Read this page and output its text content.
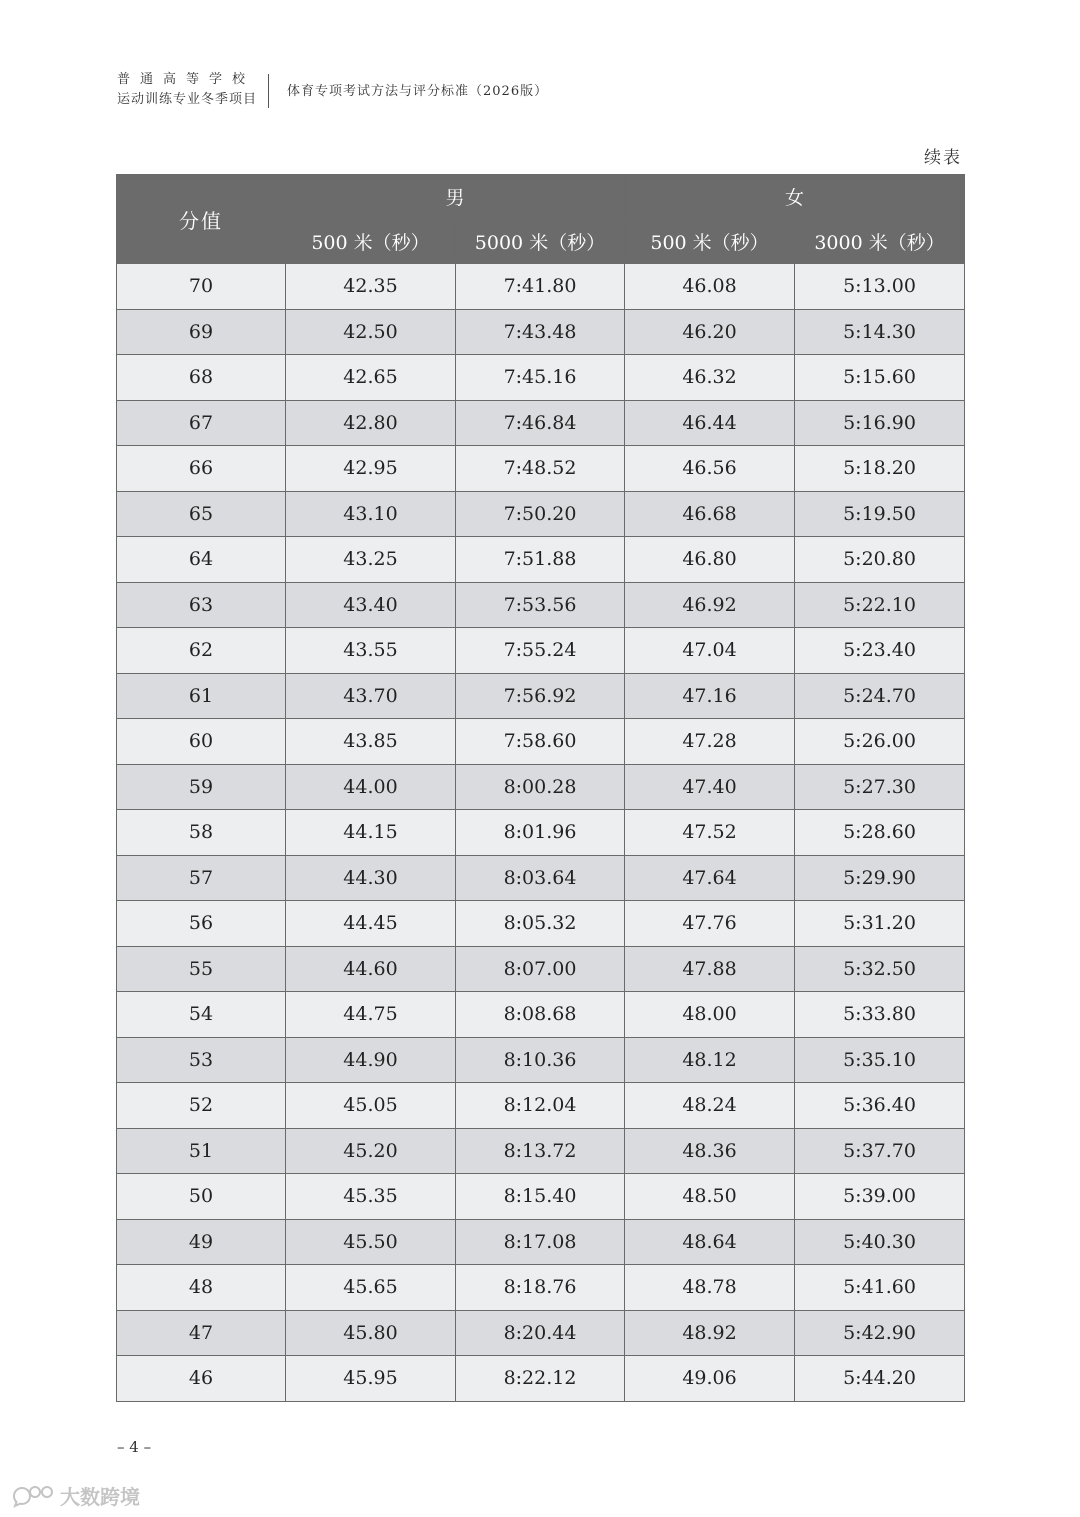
普通高等学校
运动训练专业冬季项目
体育专项考试方法与评分标准（2026版）
续表
分值	男		女	
	500 米（秒）	5000 米（秒）	500 米（秒）	3000 米（秒）
70	42.35	7:41.80	46.08	5:13.00
69	42.50	7:43.48	46.20	5:14.30
68	42.65	7:45.16	46.32	5:15.60
67	42.80	7:46.84	46.44	5:16.90
66	42.95	7:48.52	46.56	5:18.20
65	43.10	7:50.20	46.68	5:19.50
64	43.25	7:51.88	46.80	5:20.80
63	43.40	7:53.56	46.92	5:22.10
62	43.55	7:55.24	47.04	5:23.40
61	43.70	7:56.92	47.16	5:24.70
60	43.85	7:58.60	47.28	5:26.00
59	44.00	8:00.28	47.40	5:27.30
58	44.15	8:01.96	47.52	5:28.60
57	44.30	8:03.64	47.64	5:29.90
56	44.45	8:05.32	47.76	5:31.20
55	44.60	8:07.00	47.88	5:32.50
54	44.75	8:08.68	48.00	5:33.80
53	44.90	8:10.36	48.12	5:35.10
52	45.05	8:12.04	48.24	5:36.40
51	45.20	8:13.72	48.36	5:37.70
50	45.35	8:15.40	48.50	5:39.00
49	45.50	8:17.08	48.64	5:40.30
48	45.65	8:18.76	48.78	5:41.60
47	45.80	8:20.44	48.92	5:42.90
46	45.95	8:22.12	49.06	5:44.20
– 4 –
大数跨境
